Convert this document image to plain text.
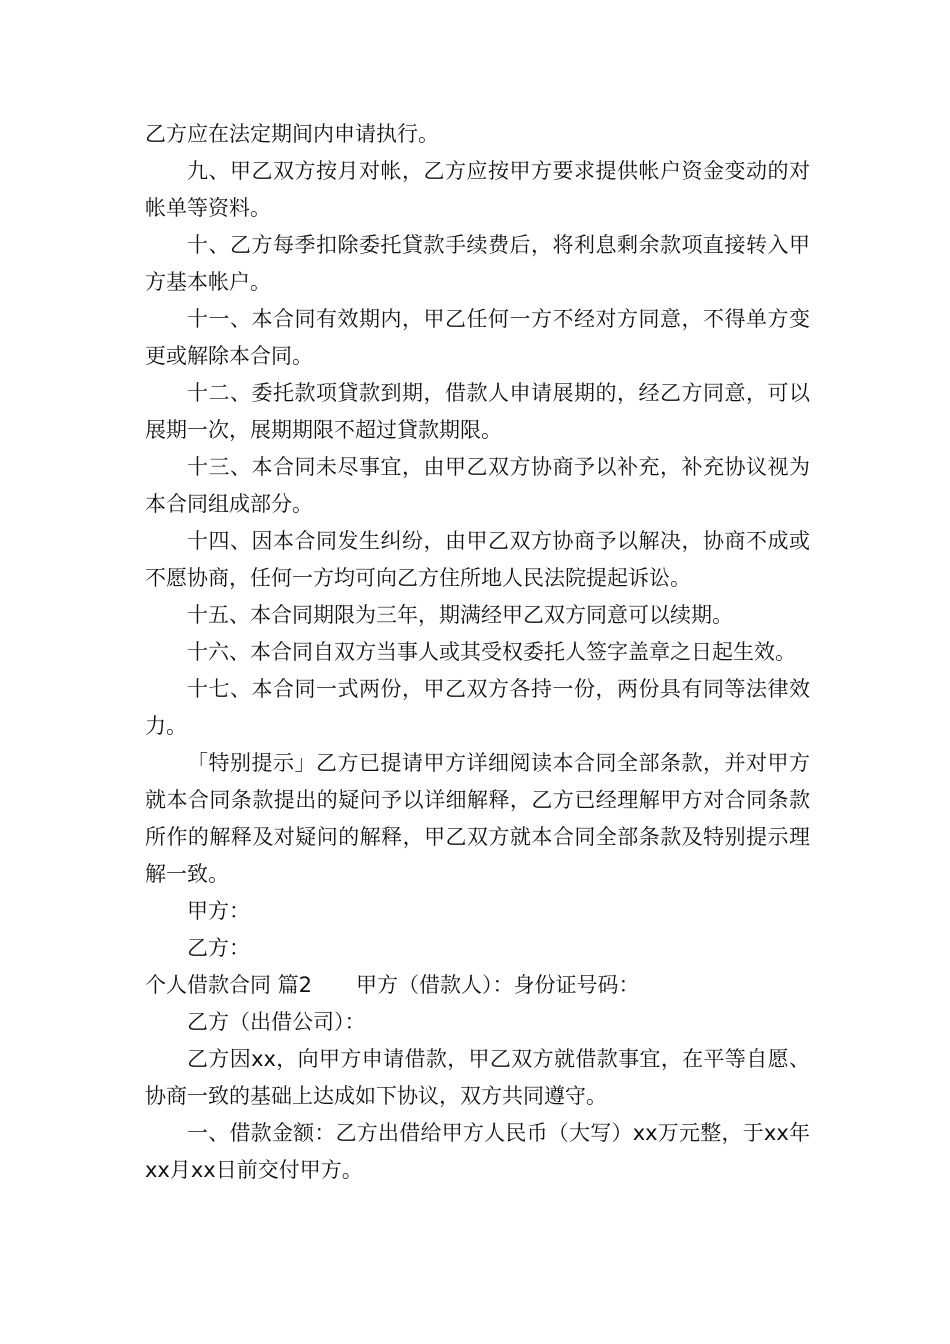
乙方应在法定期间内申请执行。

九、甲乙双方按月对帐，乙方应按甲方要求提供帐户资金变动的对帐单等资料。

十、乙方每季扣除委托貸款手续费后，将利息剩余款项直接转入甲方基本帐户。

十一、本合同有效期内，甲乙任何一方不经对方同意，不得单方变更或解除本合同。

十二、委托款项貸款到期，借款人申请展期的，经乙方同意，可以展期一次，展期期限不超过貸款期限。

十三、本合同未尽事宜，由甲乙双方协商予以补充，补充协议视为本合同组成部分。

十四、因本合同发生纠纷，由甲乙双方协商予以解决，协商不成或不愿协商，任何一方均可向乙方住所地人民法院提起诉讼。

十五、本合同期限为三年，期满经甲乙双方同意可以续期。

十六、本合同自双方当事人或其受权委托人签字盖章之日起生效。

十七、本合同一式两份，甲乙双方各持一份，两份具有同等法律效力。

「特别提示」乙方已提请甲方详细阅读本合同全部条款，并对甲方就本合同条款提出的疑问予以详细解释，乙方已经理解甲方对合同条款所作的解释及对疑问的解释，甲乙双方就本合同全部条款及特别提示理解一致。

甲方：

乙方：

个人借款合同 篇2 甲方（借款人）：身份证号码：

乙方（出借公司）：

乙方因xx，向甲方申请借款，甲乙双方就借款事宜，在平等自愿、协商一致的基础上达成如下协议，双方共同遵守。

一、借款金额：乙方出借给甲方人民币（大写）xx万元整，于xx年xx月xx日前交付甲方。
